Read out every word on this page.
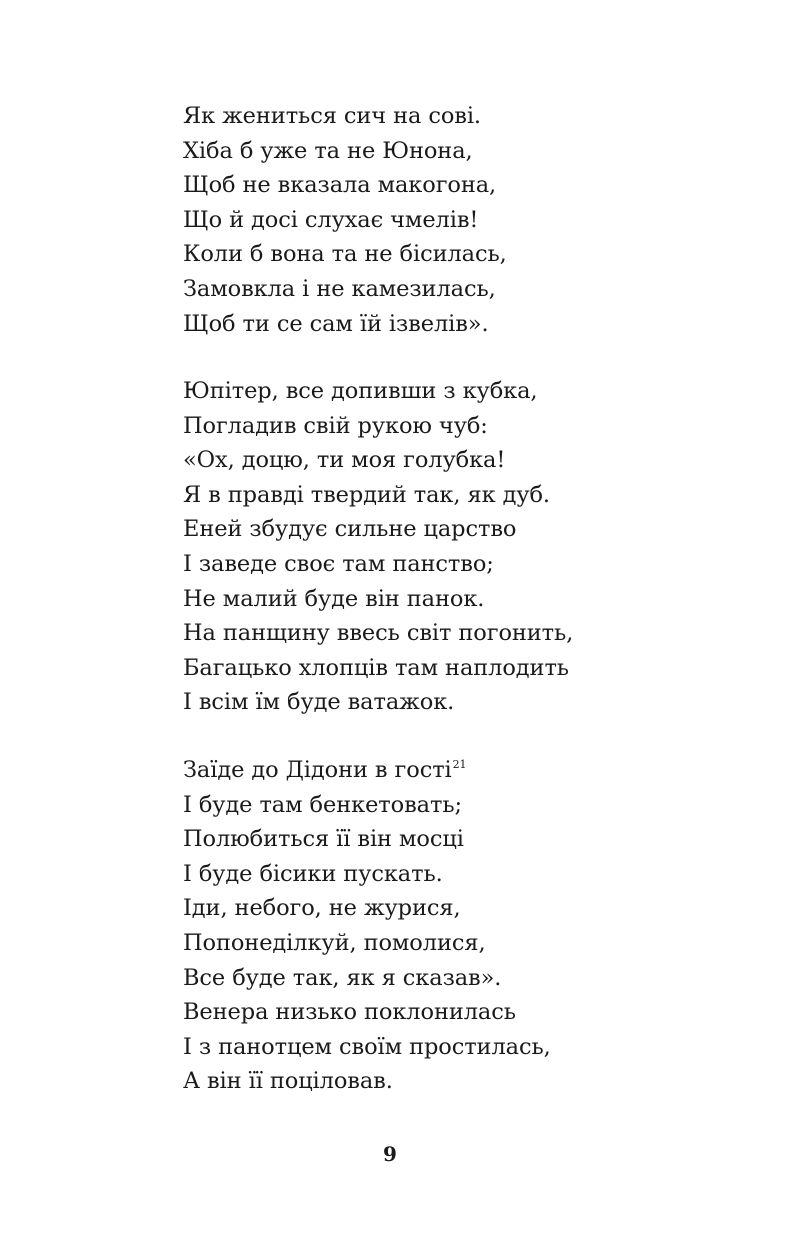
Як жениться сич на сові.
Хіба б уже та не Юнона,
Щоб не вказала макогона,
Що й досі слухає чмелів!
Коли б вона та не бісилась,
Замовкла і не камезилась,
Щоб ти се сам їй ізвелів».
Юпітер, все допивши з кубка,
Погладив свій рукою чуб:
«Ох, доцю, ти моя голубка!
Я в правді твердий так, як дуб.
Еней збудує сильне царство
І заведе своє там панство;
Не малий буде він панок.
На панщину ввесь світ погонить,
Багацько хлопців там наплодить
І всім їм буде ватажок.
Заїде до Дідони в гості$^{21}$
І буде там бенкетовать;
Полюбиться її він мосці
І буде бісики пускать.
Іди, небого, не журися,
Попонеділкуй, помолися,
Все буде так, як я сказав».
Венера низько поклонилась
І з панотцем своїм простилась,
А він її поціловав.
9
